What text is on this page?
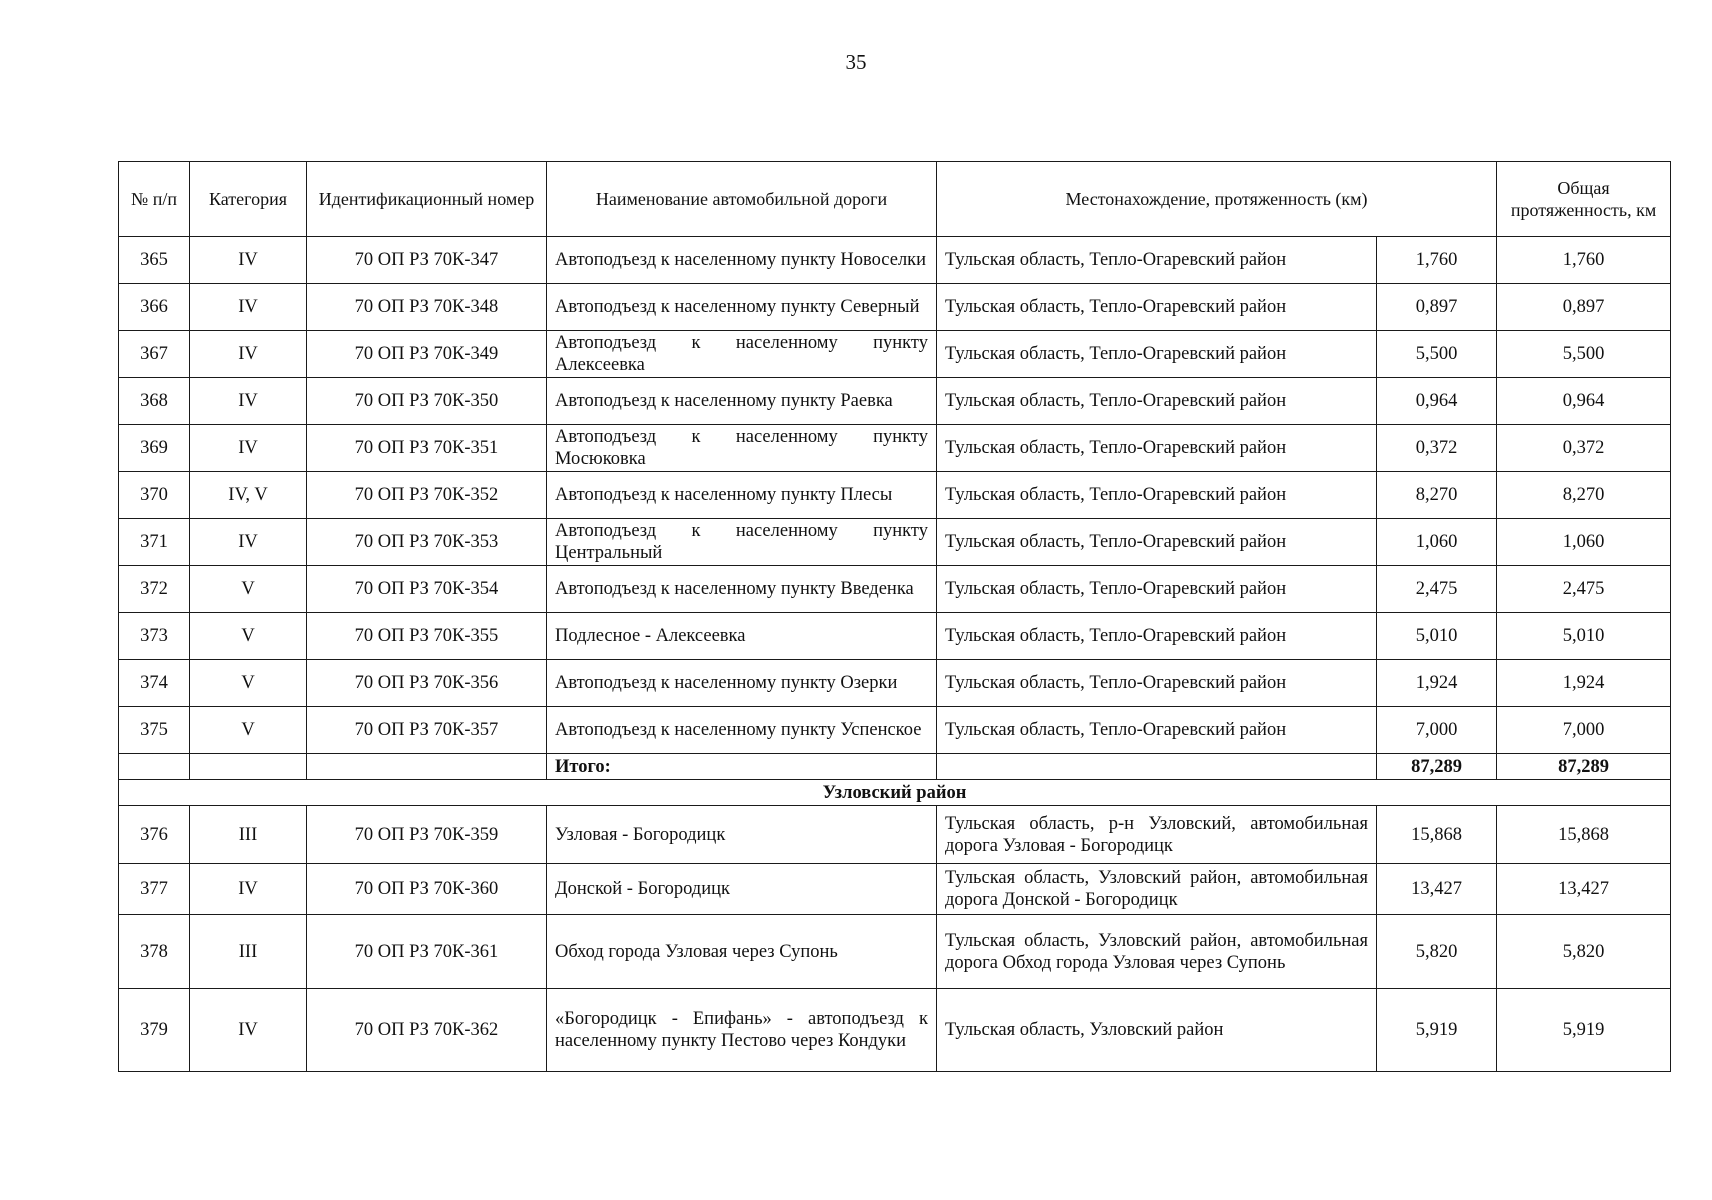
35
№ п/п	Категория	Идентификационный номер	Наименование автомобильной дороги	Местонахождение, протяженность (км)		Общая протяженность, км
365	IV	70 ОП РЗ 70К-347	Автоподъезд к населенному пункту Новоселки	Тульская область, Тепло-Огаревский район	1,760	1,760
366	IV	70 ОП РЗ 70К-348	Автоподъезд к населенному пункту Северный	Тульская область, Тепло-Огаревский район	0,897	0,897
367	IV	70 ОП РЗ 70К-349	Автоподъезд к населенному пункту Алексеевка	Тульская область, Тепло-Огаревский район	5,500	5,500
368	IV	70 ОП РЗ 70К-350	Автоподъезд к населенному пункту Раевка	Тульская область, Тепло-Огаревский район	0,964	0,964
369	IV	70 ОП РЗ 70К-351	Автоподъезд к населенному пункту Мосюковка	Тульская область, Тепло-Огаревский район	0,372	0,372
370	IV, V	70 ОП РЗ 70К-352	Автоподъезд к населенному пункту Плесы	Тульская область, Тепло-Огаревский район	8,270	8,270
371	IV	70 ОП РЗ 70К-353	Автоподъезд к населенному пункту Центральный	Тульская область, Тепло-Огаревский район	1,060	1,060
372	V	70 ОП РЗ 70К-354	Автоподъезд к населенному пункту Введенка	Тульская область, Тепло-Огаревский район	2,475	2,475
373	V	70 ОП РЗ 70К-355	Подлесное - Алексеевка	Тульская область, Тепло-Огаревский район	5,010	5,010
374	V	70 ОП РЗ 70К-356	Автоподъезд к населенному пункту Озерки	Тульская область, Тепло-Огаревский район	1,924	1,924
375	V	70 ОП РЗ 70К-357	Автоподъезд к населенному пункту Успенское	Тульская область, Тепло-Огаревский район	7,000	7,000
			Итого:		87,289	87,289
Узловский район						
376	III	70 ОП РЗ 70К-359	Узловая - Богородицк	Тульская область, р-н Узловский, автомобильная дорога Узловая - Богородицк	15,868	15,868
377	IV	70 ОП РЗ 70К-360	Донской - Богородицк	Тульская область, Узловский район, автомобильная дорога Донской - Богородицк	13,427	13,427
378	III	70 ОП РЗ 70К-361	Обход города Узловая через Супонь	Тульская область, Узловский район, автомобильная дорога Обход города Узловая через Супонь	5,820	5,820
379	IV	70 ОП РЗ 70К-362	«Богородицк - Епифань» - автоподъезд к населенному пункту Пестово через Кондуки	Тульская область, Узловский район	5,919	5,919
